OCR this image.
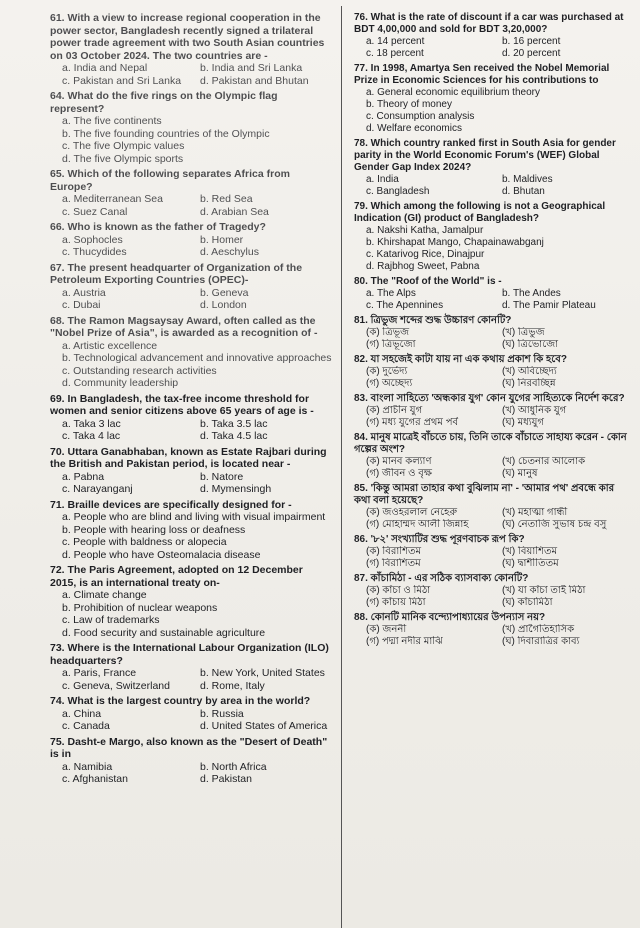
61. With a view to increase regional cooperation in the power sector, Bangladesh recently signed a trilateral power trade agreement with two South Asian countries on 03 October 2024. The two countries are -

a. India and Nepal	b. India and Sri Lanka
c. Pakistan and Sri Lanka	d. Pakistan and Bhutan

64. What do the five rings on the Olympic flag represent?

a. The five continents
b. The five founding countries of the Olympic
c. The five Olympic values
d. The five Olympic sports

65. Which of the following separates Africa from Europe?

a. Mediterranean Sea	b. Red Sea
c. Suez Canal	d. Arabian Sea

66. Who is known as the father of Tragedy?

a. Sophocles	b. Homer
c. Thucydides	d. Aeschylus

67. The present headquarter of Organization of the Petroleum Exporting Countries (OPEC)-

a. Austria	b. Geneva
c. Dubai	d. London

68. The Ramon Magsaysay Award, often called as the "Nobel Prize of Asia", is awarded as a recognition of -

a. Artistic excellence
b. Technological advancement and innovative approaches
c. Outstanding research activities
d. Community leadership

69. In Bangladesh, the tax-free income threshold for women and senior citizens above 65 years of age is -

a. Taka 3 lac	b. Taka 3.5 lac
c. Taka 4 lac	d. Taka 4.5 lac

70. Uttara Ganabhaban, known as Estate Rajbari during the British and Pakistan period, is located near -

a. Pabna	b. Natore
c. Narayanganj	d. Mymensingh

71. Braille devices are specifically designed for -

a. People who are blind and living with visual impairment
b. People with hearing loss or deafness
c. People with baldness or alopecia
d. People who have Osteomalacia disease

72. The Paris Agreement, adopted on 12 December 2015, is an international treaty on-

a. Climate change
b. Prohibition of nuclear weapons
c. Law of trademarks
d. Food security and sustainable agriculture

73. Where is the International Labour Organization (ILO) headquarters?

a. Paris, France	b. New York, United States
c. Geneva, Switzerland	d. Rome, Italy

74. What is the largest country by area in the world?

a. China	b. Russia
c. Canada	d. United States of America

75. Dasht-e Margo, also known as the "Desert of Death" is in

a. Namibia	b. North Africa
c. Afghanistan	d. Pakistan

76. What is the rate of discount if a car was purchased at BDT 4,00,000 and sold for BDT 3,20,000?

a. 14 percent	b. 16 percent
c. 18 percent	d. 20 percent

77. In 1998, Amartya Sen received the Nobel Memorial Prize in Economic Sciences for his contributions to

a. General economic equilibrium theory
b. Theory of money
c. Consumption analysis
d. Welfare economics

78. Which country ranked first in South Asia for gender parity in the World Economic Forum's (WEF) Global Gender Gap Index 2024?

a. India	b. Maldives
c. Bangladesh	d. Bhutan

79. Which among the following is not a Geographical Indication (GI) product of Bangladesh?

a. Nakshi Katha, Jamalpur
b. Khirshapat Mango, Chapainawabganj
c. Katarivog Rice, Dinajpur
d. Rajbhog Sweet, Pabna

80. The "Roof of the World" is -

a. The Alps	b. The Andes
c. The Apennines	d. The Pamir Plateau

81. ত্রিভুজ শব্দের শুদ্ধ উচ্চারণ কোনটি?

(ক) ত্রিভূজ	(খ) ত্রিভুজ
(গ) ত্রিভূজো	(ঘ) ত্রিভোজো

82. যা সহজেই কাটা যায় না এক কথায় প্রকাশ কি হবে?

(ক) দুর্ভেদ্য	(খ) অবিচ্ছেদ্য
(গ) অচ্ছেদ্য	(ঘ) নিরবচ্ছিন্ন

83. বাংলা সাহিত্যে 'অন্ধকার যুগ' কোন যুগের সাহিত্যকে নির্দেশ করে?

(ক) প্রাচীন যুগ	(খ) আধুনিক যুগ
(গ) মধ্য যুগের প্রথম পর্ব	(ঘ) মধ্যযুগ

84. মানুষ মাত্রেই বাঁচতে চায়, তিনি তাকে বাঁচাতে সাহায্য করেন - কোন গল্পের অংশ?

(ক) মানব কল্যাণ	(খ) চেতনার আলোক
(গ) জীবন ও বৃক্ষ	(ঘ) মানুষ

85. 'কিন্তু আমরা তাহার কথা বুঝিলাম না' - 'আমার পথ' প্রবন্ধে কার কথা বলা হয়েছে?

(ক) জওহরলাল নেহেরু	(খ) মহাত্মা গান্ধী
(গ) মোহাম্মদ আলী জিন্নাহ	(ঘ) নেতাজি সুভাষ চন্দ্র বসু

86. '৮২' সংখ্যাটির শুদ্ধ পূরণবাচক রূপ কি?

(ক) বিরাশিতম	(খ) বিয়াশিতম
(গ) বিরাশিতম	(ঘ) দ্বাশীতিতম

87. কাঁচামিঠা - এর সঠিক ব্যাসবাক্য কোনটি?

(ক) কাঁচা ও মিঠা	(খ) যা কাঁচা তাই মিঠা
(গ) কাঁচায় মিঠা	(ঘ) কাঁচামিঠা

88. কোনটি মানিক বন্দ্যোপাধ্যায়ের উপন্যাস নয়?

(ক) জননী	(খ) প্রাগৈতিহাসিক
(গ) পদ্মা নদীর মাঝি	(ঘ) দিবারাত্রির কাব্য
